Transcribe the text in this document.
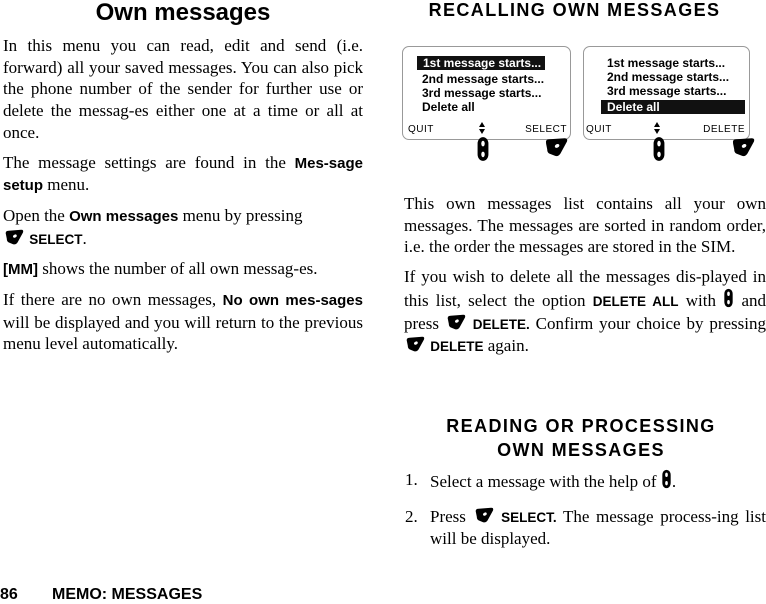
Own messages

In this menu you can read, edit and send (i.e. forward) all your saved messages. You can also pick the phone number of the sender for further use or delete the messag-es either one at a time or all at once.

The message settings are found in the Mes-sage setup menu.

Open the Own messages menu by pressing
SELECT.

[MM] shows the number of all own messag-es.

If there are no own messages, No own mes-sages will be displayed and you will return to the previous menu level automatically.

RECALLING OWN MESSAGES
1st message starts...
2nd message starts...
3rd message starts...
Delete all
QUIT	SELECT
1st message starts...
2nd message starts...
3rd message starts...
Delete all
QUIT	DELETE

This own messages list contains all your own messages. The messages are sorted in random order, i.e. the order the messages are stored in the SIM.

If you wish to delete all the messages dis-played in this list, select the option DELETE ALL with  and press  DELETE. Confirm your choice by pressing  DELETE again.

READING OR PROCESSING
OWN MESSAGES
1. Select a message with the help of .
2. Press  SELECT. The message process-ing list will be displayed.
86 MEMO: MESSAGES
